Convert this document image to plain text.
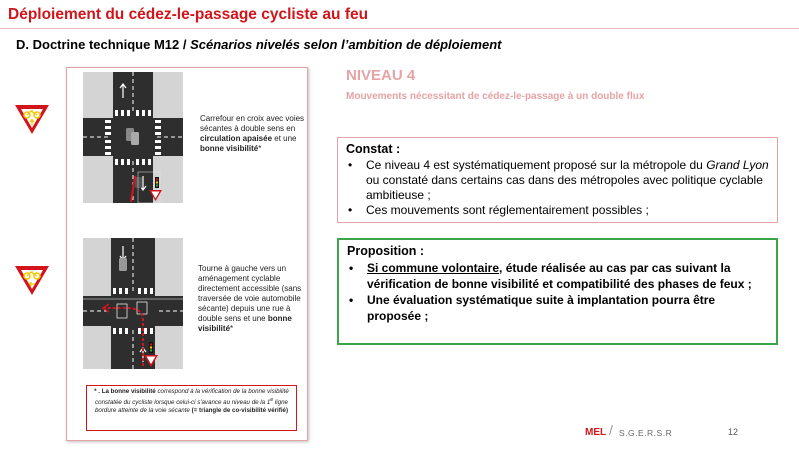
Déploiement du cédez-le-passage cycliste au feu
D. Doctrine technique M12 / Scénarios nivelés selon l’ambition de déploiement
Carrefour en croix avec voies sécantes à double sens en circulation apaisée et une bonne visibilité*
Tourne à gauche vers un aménagement cyclable directement accessible (sans traversée de voie automobile sécante) depuis une rue à double sens et une bonne visibilité*
* . La bonne visibilité correspond à la vérification de la bonne visibilité constatée du cycliste lorsque celui-ci s'avance au niveau de la 1e ligne bordure atteinte de la voie sécante (= triangle de co-visibilité vérifié)
NIVEAU 4
Mouvements nécessitant de cédez-le-passage à un double flux
Constat :
• Ce niveau 4 est systématiquement proposé sur la métropole du Grand Lyon ou constaté dans certains cas dans des métropoles avec politique cyclable ambitieuse ;
• Ces mouvements sont réglementairement possibles ;
Proposition :
• Si commune volontaire, étude réalisée au cas par cas suivant la vérification de bonne visibilité et compatibilité des phases de feux ;
• Une évaluation systématique suite à implantation pourra être proposée ;
MEL / S.G.E.R.S.R	12
